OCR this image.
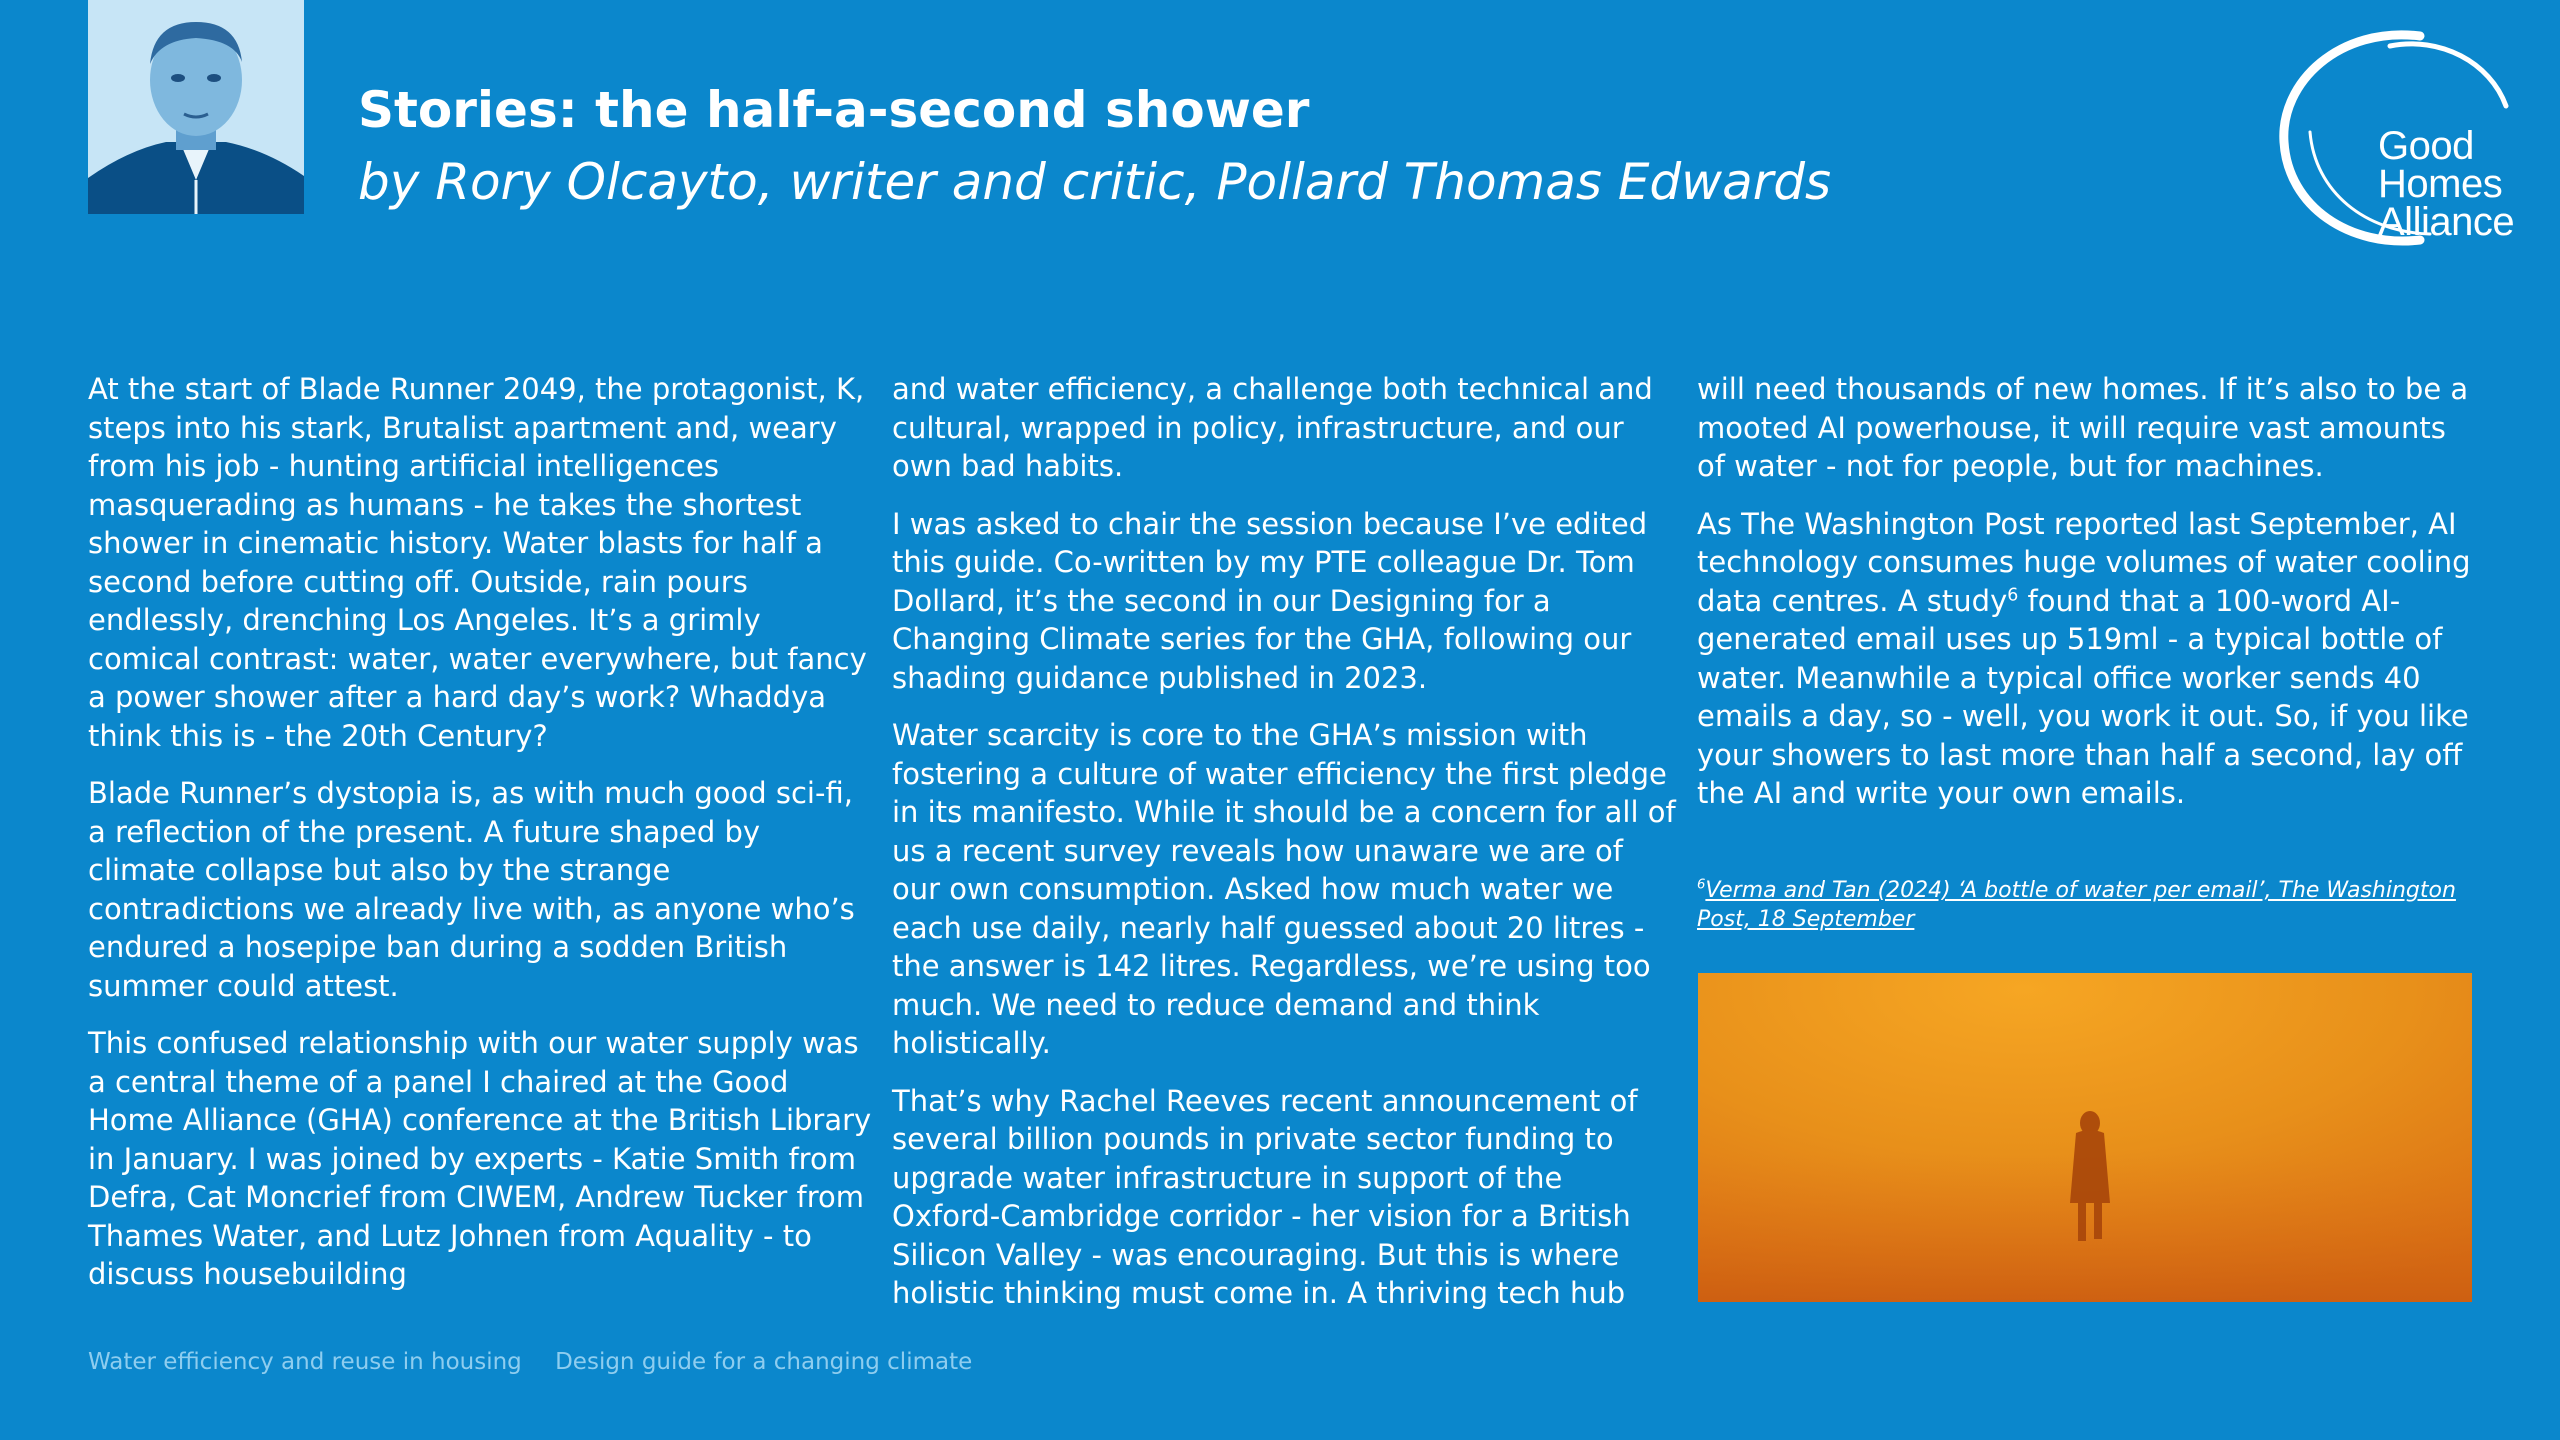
Stories: the half-a-second shower
by Rory Olcayto, writer and critic, Pollard Thomas Edwards
Good
Homes
Alliance

At the start of Blade Runner 2049, the protagonist, K, steps into his stark, Brutalist apartment and, weary from his job - hunting artificial intelligences masquerading as humans - he takes the shortest shower in cinematic history. Water blasts for half a second before cutting off. Outside, rain pours endlessly, drenching Los Angeles. It’s a grimly comical contrast: water, water everywhere, but fancy a power shower after a hard day’s work? Whaddya think this is - the 20th Century?

Blade Runner’s dystopia is, as with much good sci-fi, a reflection of the present. A future shaped by climate collapse but also by the strange contradictions we already live with, as anyone who’s endured a hosepipe ban during a sodden British summer could attest.

This confused relationship with our water supply was a central theme of a panel I chaired at the Good Home Alliance (GHA) conference at the British Library in January. I was joined by experts - Katie Smith from Defra, Cat Moncrief from CIWEM, Andrew Tucker from Thames Water, and Lutz Johnen from Aquality - to discuss housebuilding

and water efficiency, a challenge both technical and cultural, wrapped in policy, infrastructure, and our own bad habits.

I was asked to chair the session because I’ve edited this guide. Co-written by my PTE colleague Dr. Tom Dollard, it’s the second in our Designing for a Changing Climate series for the GHA, following our shading guidance published in 2023.

Water scarcity is core to the GHA’s mission with fostering a culture of water efficiency the first pledge in its manifesto. While it should be a concern for all of us a recent survey reveals how unaware we are of our own consumption. Asked how much water we each use daily, nearly half guessed about 20 litres - the answer is 142 litres. Regardless, we’re using too much. We need to reduce demand and think holistically.

That’s why Rachel Reeves recent announcement of several billion pounds in private sector funding to upgrade water infrastructure in support of the Oxford-Cambridge corridor - her vision for a British Silicon Valley - was encouraging. But this is where holistic thinking must come in. A thriving tech hub

will need thousands of new homes. If it’s also to be a mooted AI powerhouse, it will require vast amounts of water - not for people, but for machines.

As The Washington Post reported last September, AI technology consumes huge volumes of water cooling data centres. A study$^6$ found that a 100-word AI-generated email uses up 519ml - a typical bottle of water. Meanwhile a typical office worker sends 40 emails a day, so - well, you work it out. So, if you like your showers to last more than half a second, lay off the AI and write your own emails.

$^6$Verma and Tan (2024) ‘A bottle of water per email’, The Washington Post, 18 September
Water efficiency and reuse in housing Design guide for a changing climate
